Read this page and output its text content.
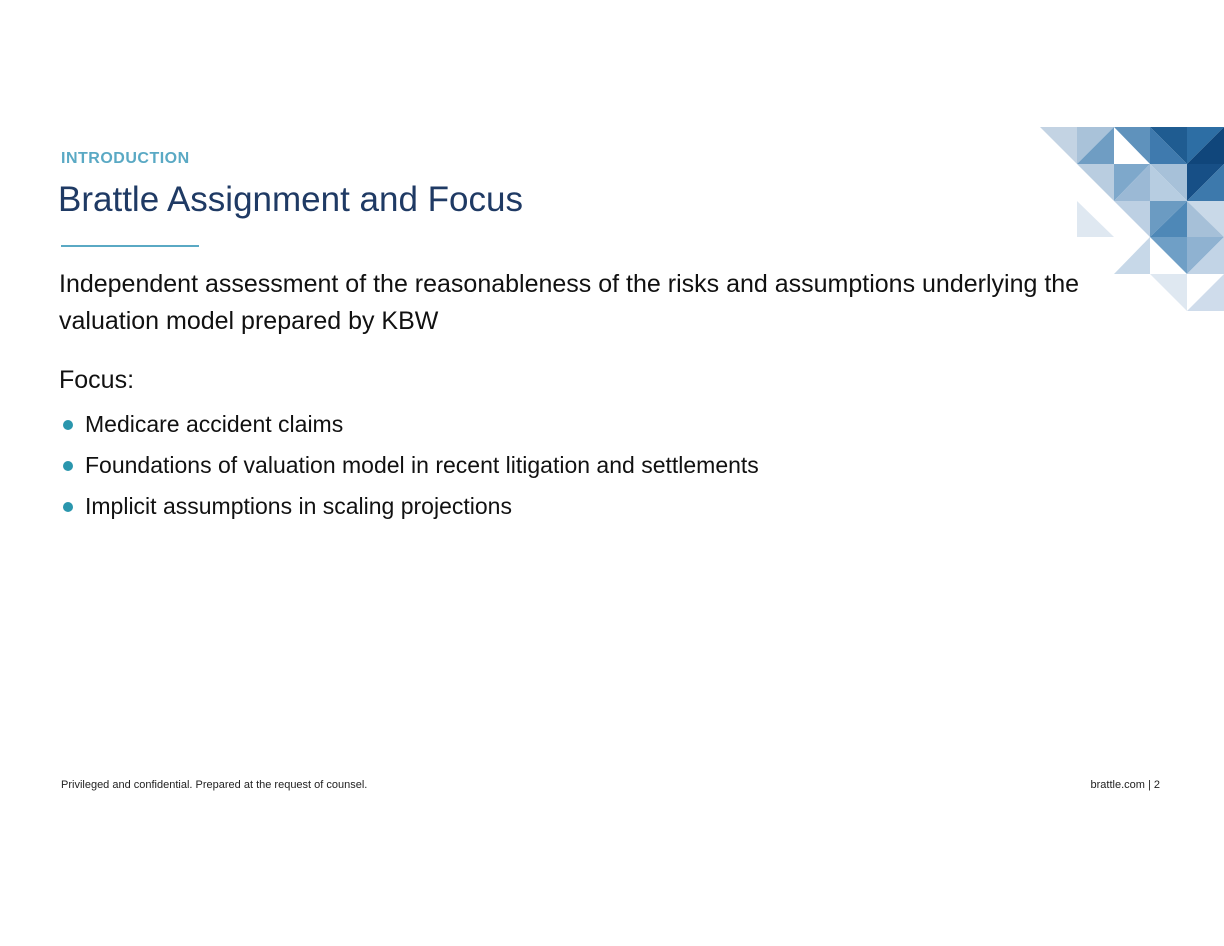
INTRODUCTION
Brattle Assignment and Focus
Independent assessment of the reasonableness of the risks and assumptions underlying the valuation model prepared by KBW
Focus:
Medicare accident claims
Foundations of valuation model in recent litigation and settlements
Implicit assumptions in scaling projections
Privileged and confidential. Prepared at the request of counsel.	brattle.com | 2
